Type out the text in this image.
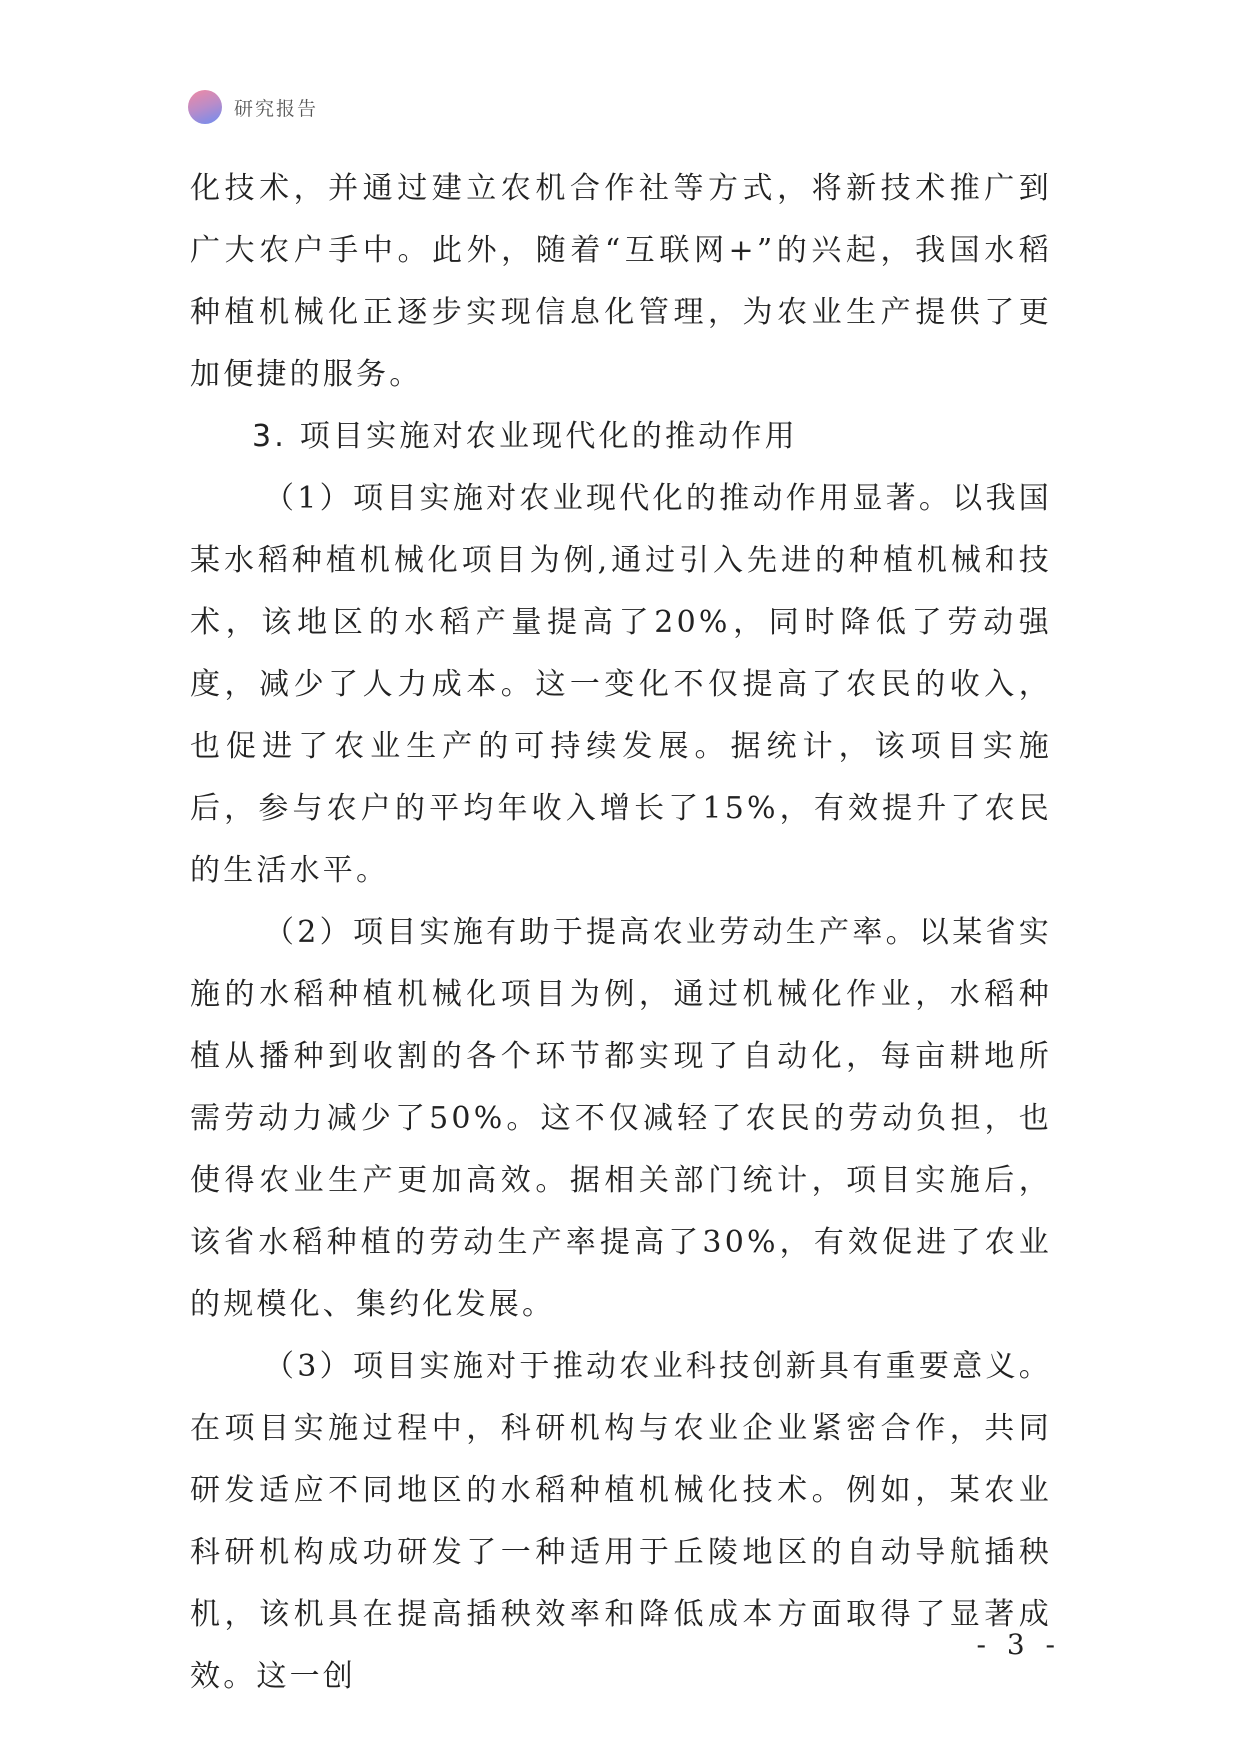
研究报告

化技术，并通过建立农机合作社等方式，将新技术推广到广大农户手中。此外，随着“互联网+”的兴起，我国水稻种植机械化正逐步实现信息化管理，为农业生产提供了更加便捷的服务。

3. 项目实施对农业现代化的推动作用

（1）项目实施对农业现代化的推动作用显著。以我国某水稻种植机械化项目为例,通过引入先进的种植机械和技术，该地区的水稻产量提高了20%，同时降低了劳动强度，减少了人力成本。这一变化不仅提高了农民的收入，也促进了农业生产的可持续发展。据统计，该项目实施后，参与农户的平均年收入增长了15%，有效提升了农民的生活水平。

（2）项目实施有助于提高农业劳动生产率。以某省实施的水稻种植机械化项目为例，通过机械化作业，水稻种植从播种到收割的各个环节都实现了自动化，每亩耕地所需劳动力减少了50%。这不仅减轻了农民的劳动负担，也使得农业生产更加高效。据相关部门统计，项目实施后，该省水稻种植的劳动生产率提高了30%，有效促进了农业的规模化、集约化发展。

（3）项目实施对于推动农业科技创新具有重要意义。在项目实施过程中，科研机构与农业企业紧密合作，共同研发适应不同地区的水稻种植机械化技术。例如，某农业科研机构成功研发了一种适用于丘陵地区的自动导航插秧机，该机具在提高插秧效率和降低成本方面取得了显著成效。这一创

- 3 -
